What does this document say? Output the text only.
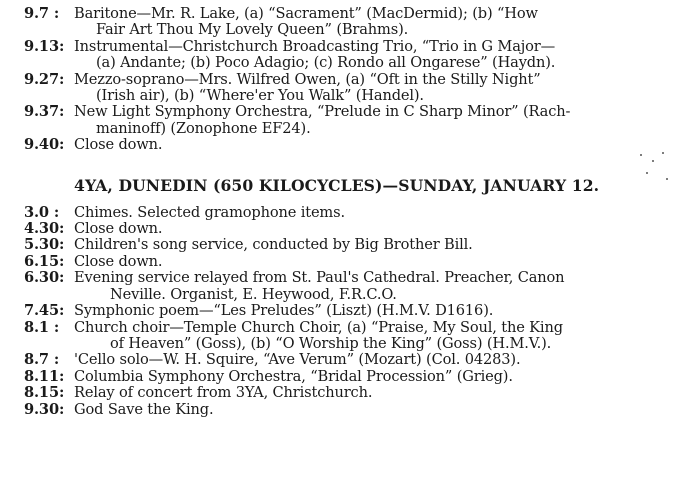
9.7 :	Baritone—Mr. R. Lake, (a) “Sacrament” (MacDermid); (b) “How
Fair Art Thou My Lovely Queen” (Brahms).
9.13: Instrumental—Christchurch Broadcasting Trio, “Trio in G Major—
(a) Andante; (b) Poco Adagio; (c) Rondo all Ongarese” (Haydn).
9.27: Mezzo-soprano—Mrs. Wilfred Owen, (a) “Oft in the Stilly Night”
(Irish air), (b) “Where'er You Walk” (Handel).
9.37: New Light Symphony Orchestra, “Prelude in C Sharp Minor” (Rach-
maninoff) (Zonophone EF24).
9.40: Close down.
4YA, DUNEDIN (650 KILOCYCLES)—SUNDAY, JANUARY 12.
3.0 :	Chimes. Selected gramophone items.
4.30: Close down.
5.30: Children's song service, conducted by Big Brother Bill.
6.15: Close down.
6.30: Evening service relayed from St. Paul's Cathedral. Preacher, Canon
Neville. Organist, E. Heywood, F.R.C.O.
7.45: Symphonic poem—“Les Preludes” (Liszt) (H.M.V. D1616).
8.1 :	Church choir—Temple Church Choir, (a) “Praise, My Soul, the King
of Heaven” (Goss), (b) “O Worship the King” (Goss) (H.M.V.).
8.7 :	'Cello solo—W. H. Squire, “Ave Verum” (Mozart) (Col. 04283).
8.11: Columbia Symphony Orchestra, “Bridal Procession” (Grieg).
8.15: Relay of concert from 3YA, Christchurch.
9.30: God Save the King.
